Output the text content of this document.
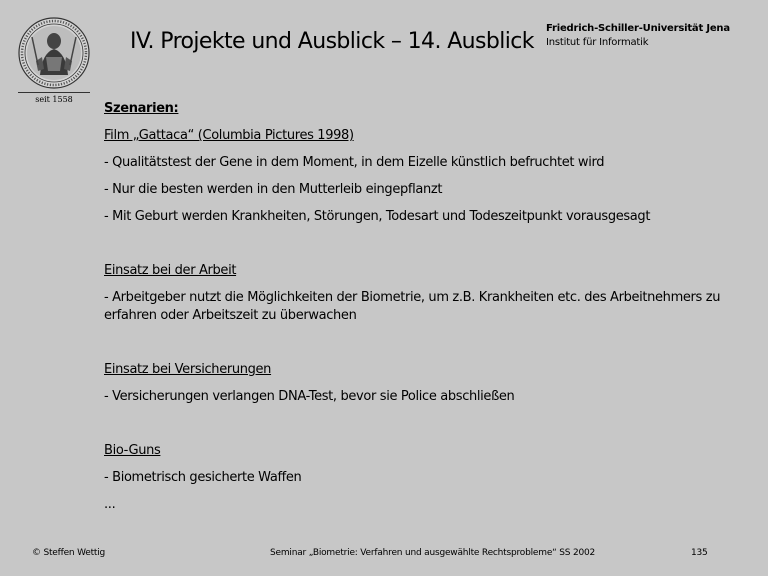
seit 1558
IV. Projekte und Ausblick – 14. Ausblick
Friedrich-Schiller-Universität Jena
Institut für Informatik

Szenarien:

Film „Gattaca“ (Columbia Pictures 1998)

- Qualitätstest der Gene in dem Moment, in dem Eizelle künstlich befruchtet wird

- Nur die besten werden in den Mutterleib eingepflanzt

- Mit Geburt werden Krankheiten, Störungen, Todesart und Todeszeitpunkt vorausgesagt

Einsatz bei der Arbeit

- Arbeitgeber nutzt die Möglichkeiten der Biometrie, um z.B. Krankheiten etc. des Arbeitnehmers zu erfahren oder Arbeitszeit zu überwachen

Einsatz bei Versicherungen

- Versicherungen verlangen DNA-Test, bevor sie Police abschließen

Bio-Guns

- Biometrisch gesicherte Waffen

...

© Steffen Wettig	Seminar „Biometrie: Verfahren und ausgewählte Rechtsprobleme“ SS 2002	135
